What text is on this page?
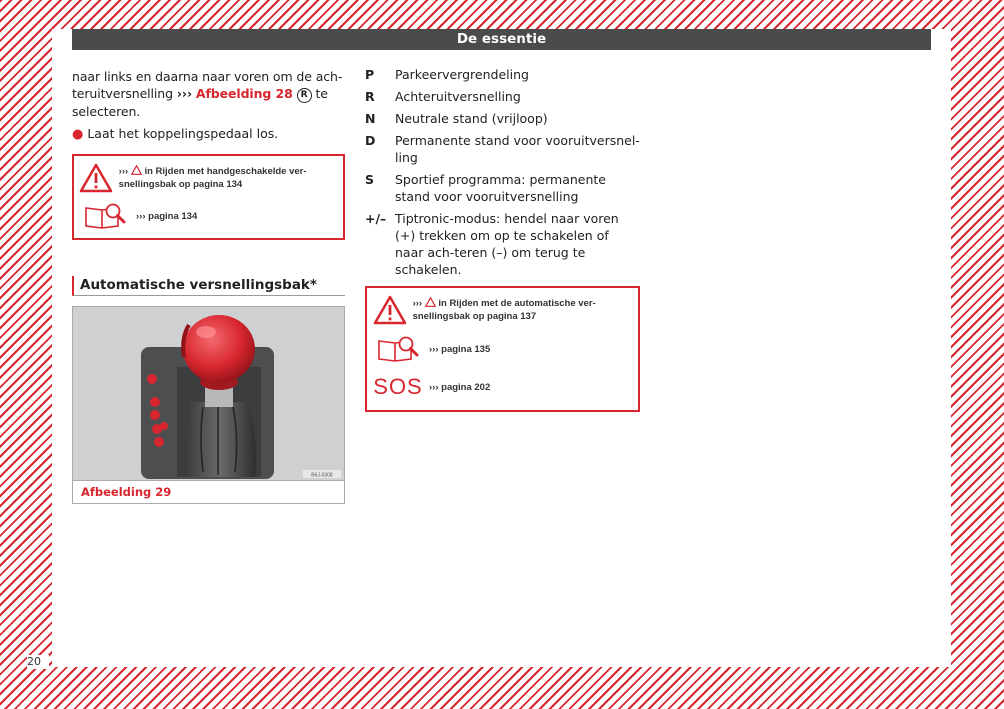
De essentie

naar links en daarna naar voren om de ach-teruitversnelling ››› Afbeelding 28 R te selecteren.

● Laat het koppelingspedaal los.
››› in Rijden met handgeschakelde ver-snellingsbak op pagina 134
››› pagina 134
Automatische versnellingsbak*
B6J-0308
Afbeelding 29
P	Parkeervergrendeling
R	Achteruitversnelling
N	Neutrale stand (vrijloop)
D	Permanente stand voor vooruitversnel-ling
S	Sportief programma: permanente stand voor vooruitversnelling
+/– Tiptronic-modus: hendel naar voren (+) trekken om op te schakelen of naar ach-teren (–) om terug te schakelen.
››› in Rijden met de automatische ver-snellingsbak op pagina 137
››› pagina 135
SOS ››› pagina 202
20
